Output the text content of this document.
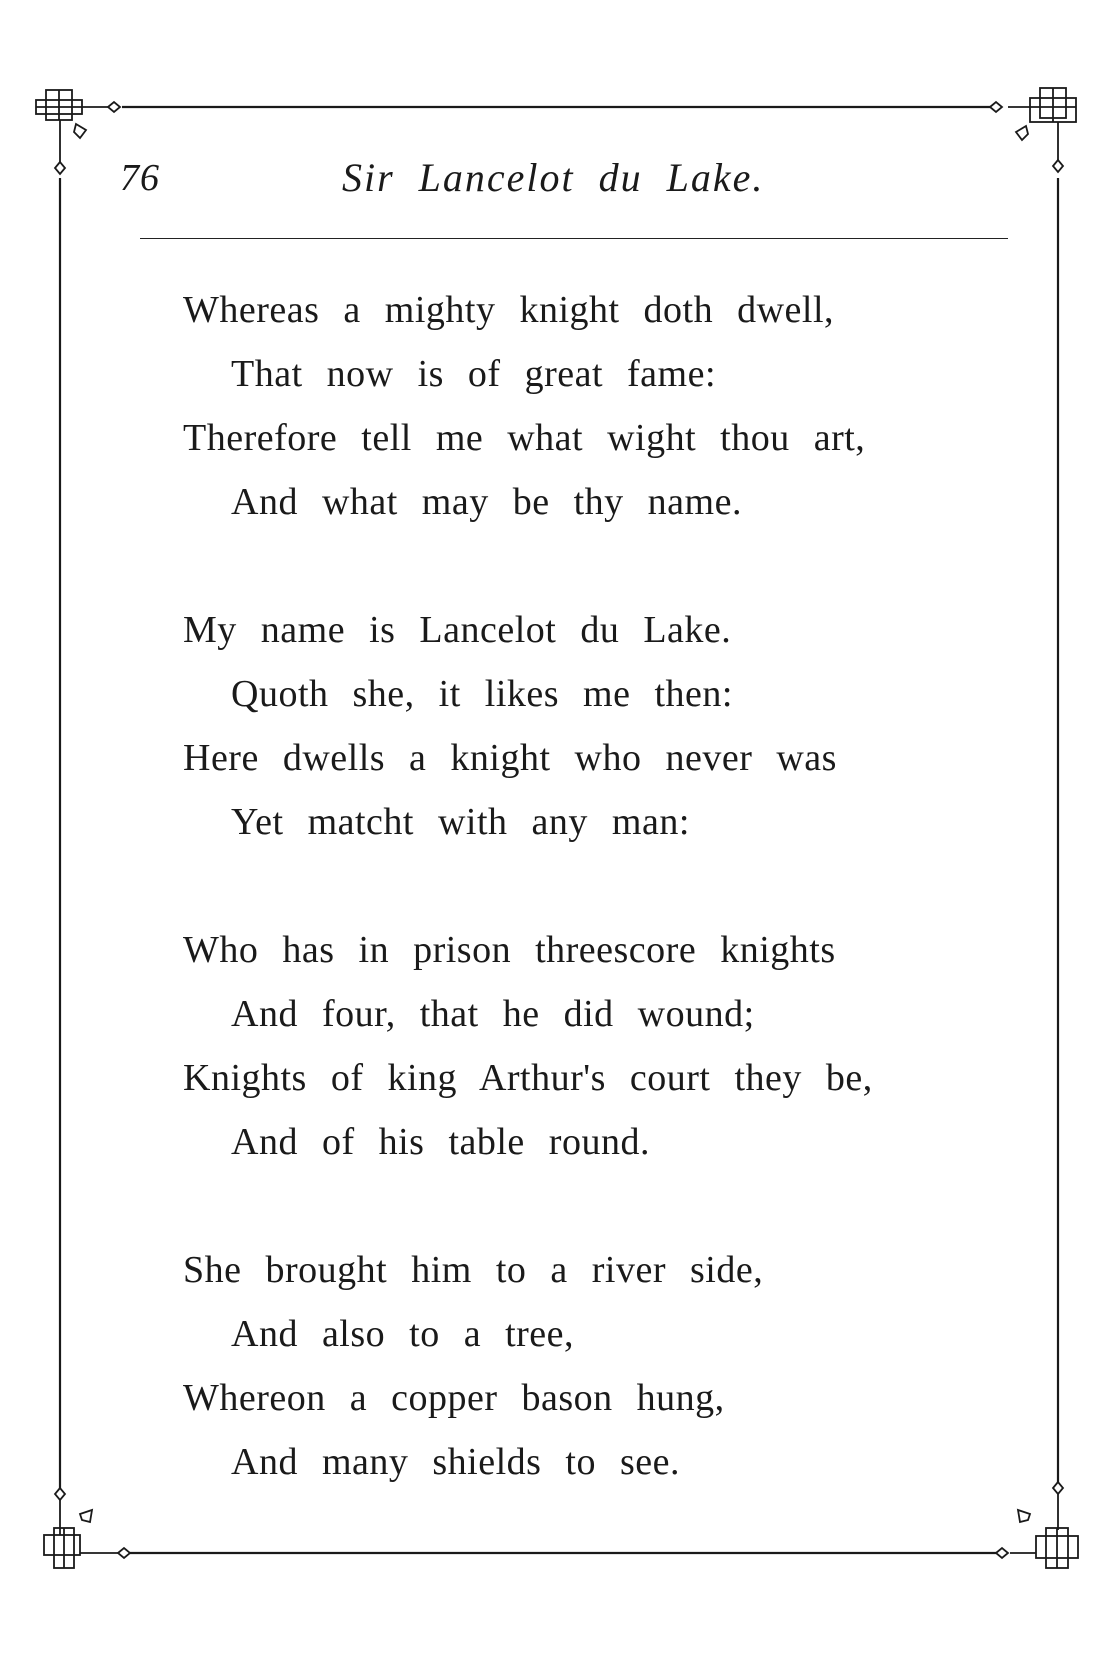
76	Sir Lancelot du Lake.
Whereas a mighty knight doth dwell,
That now is of great fame:
Therefore tell me what wight thou art,
And what may be thy name.
My name is Lancelot du Lake.
Quoth she, it likes me then:
Here dwells a knight who never was
Yet matcht with any man:
Who has in prison threescore knights
And four, that he did wound;
Knights of king Arthur's court they be,
And of his table round.
She brought him to a river side,
And also to a tree,
Whereon a copper bason hung,
And many shields to see.
